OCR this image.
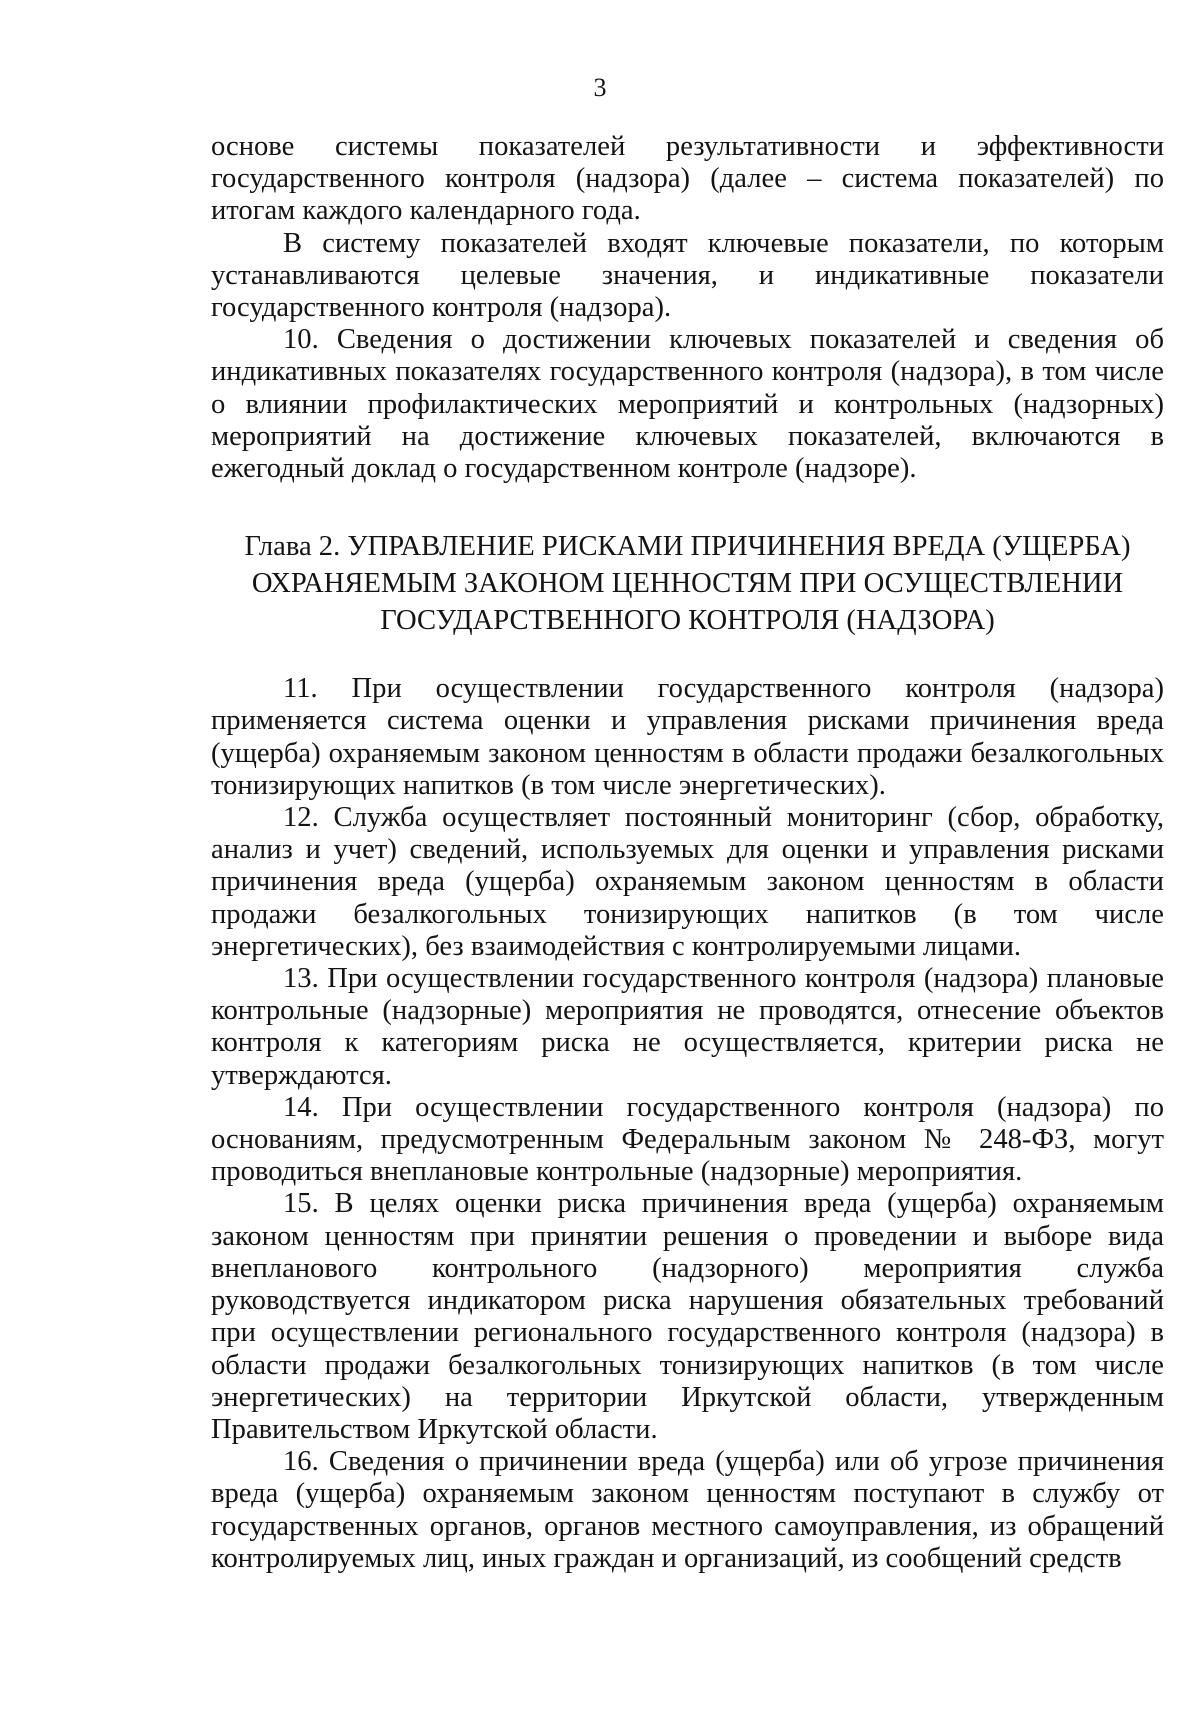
3

основе системы показателей результативности и эффективности государственного контроля (надзора) (далее – система показателей) по итогам каждого календарного года.

В систему показателей входят ключевые показатели, по которым устанавливаются целевые значения, и индикативные показатели государственного контроля (надзора).

10. Сведения о достижении ключевых показателей и сведения об индикативных показателях государственного контроля (надзора), в том числе о влиянии профилактических мероприятий и контрольных (надзорных) мероприятий на достижение ключевых показателей, включаются в ежегодный доклад о государственном контроле (надзоре).

Глава 2. УПРАВЛЕНИЕ РИСКАМИ ПРИЧИНЕНИЯ ВРЕДА (УЩЕРБА)

ОХРАНЯЕМЫМ ЗАКОНОМ ЦЕННОСТЯМ ПРИ ОСУЩЕСТВЛЕНИИ

ГОСУДАРСТВЕННОГО КОНТРОЛЯ (НАДЗОРА)

11. При осуществлении государственного контроля (надзора) применяется система оценки и управления рисками причинения вреда (ущерба) охраняемым законом ценностям в области продажи безалкогольных тонизирующих напитков (в том числе энергетических).

12. Служба осуществляет постоянный мониторинг (сбор, обработку, анализ и учет) сведений, используемых для оценки и управления рисками причинения вреда (ущерба) охраняемым законом ценностям в области продажи безалкогольных тонизирующих напитков (в том числе энергетических), без взаимодействия с контролируемыми лицами.

13. При осуществлении государственного контроля (надзора) плановые контрольные (надзорные) мероприятия не проводятся, отнесение объектов контроля к категориям риска не осуществляется, критерии риска не утверждаются.

14. При осуществлении государственного контроля (надзора) по основаниям, предусмотренным Федеральным законом № 248-ФЗ, могут проводиться внеплановые контрольные (надзорные) мероприятия.

15. В целях оценки риска причинения вреда (ущерба) охраняемым законом ценностям при принятии решения о проведении и выборе вида внепланового контрольного (надзорного) мероприятия служба руководствуется индикатором риска нарушения обязательных требований при осуществлении регионального государственного контроля (надзора) в области продажи безалкогольных тонизирующих напитков (в том числе энергетических) на территории Иркутской области, утвержденным Правительством Иркутской области.

16. Сведения о причинении вреда (ущерба) или об угрозе причинения вреда (ущерба) охраняемым законом ценностям поступают в службу от государственных органов, органов местного самоуправления, из обращений контролируемых лиц, иных граждан и организаций, из сообщений средств
